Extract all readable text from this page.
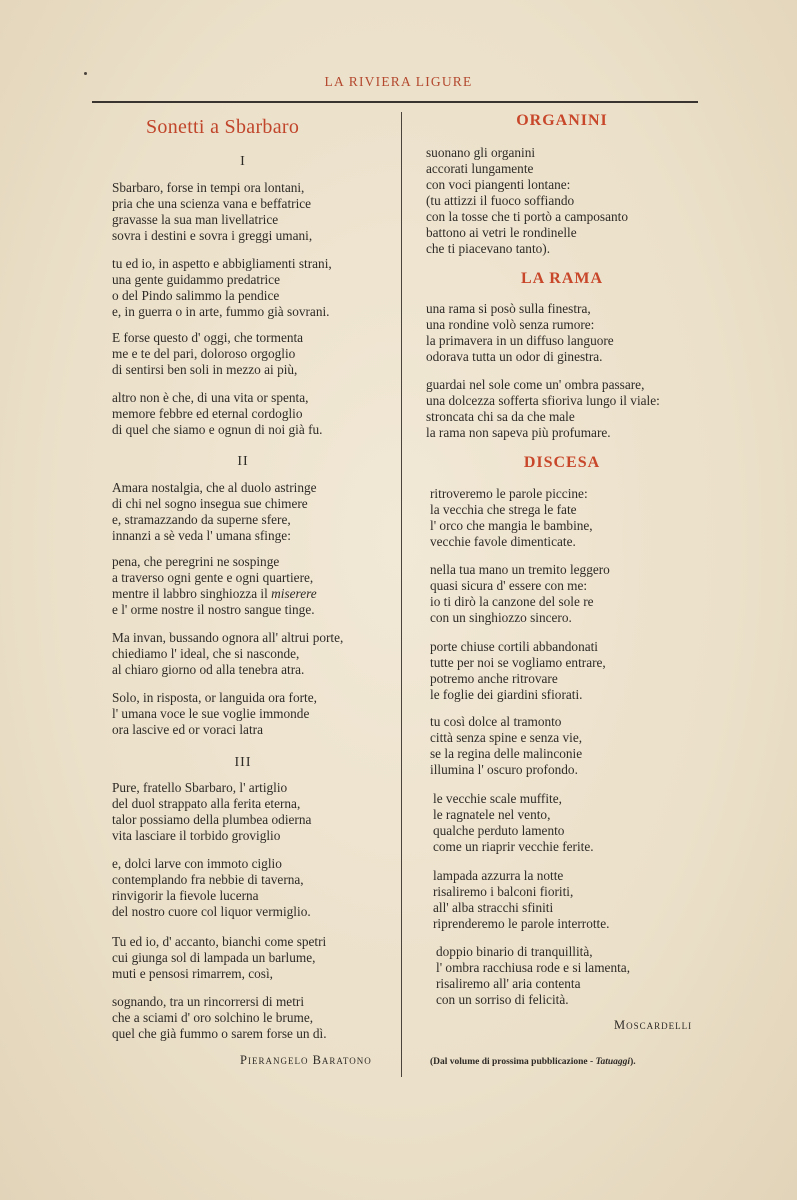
LA RIVIERA LIGURE
Sonetti a Sbarbaro
I
Sbarbaro, forse in tempi ora lontani,
pria che una scienza vana e beffatrice
gravasse la sua man livellatrice
sovra i destini e sovra i greggi umani,
tu ed io, in aspetto e abbigliamenti strani,
una gente guidammo predatrice
o del Pindo salimmo la pendice
e, in guerra o in arte, fummo già sovrani.
E forse questo d' oggi, che tormenta
me e te del pari, doloroso orgoglio
di sentirsi ben soli in mezzo ai più,
altro non è che, di una vita or spenta,
memore febbre ed eternal cordoglio
di quel che siamo e ognun di noi già fu.
II
Amara nostalgia, che al duolo astringe
di chi nel sogno insegua sue chimere
e, stramazzando da superne sfere,
innanzi a sè veda l' umana sfinge:
pena, che peregrini ne sospinge
a traverso ogni gente e ogni quartiere,
mentre il labbro singhiozza il miserere
e l' orme nostre il nostro sangue tinge.
Ma invan, bussando ognora all' altrui porte,
chiediamo l' ideal, che si nasconde,
al chiaro giorno od alla tenebra atra.
Solo, in risposta, or languida ora forte,
l' umana voce le sue voglie immonde
ora lascive ed or voraci latra
III
Pure, fratello Sbarbaro, l' artiglio
del duol strappato alla ferita eterna,
talor possiamo della plumbea odierna
vita lasciare il torbido groviglio
e, dolci larve con immoto ciglio
contemplando fra nebbie di taverna,
rinvigorir la fievole lucerna
del nostro cuore col liquor vermiglio.
Tu ed io, d' accanto, bianchi come spetri
cui giunga sol di lampada un barlume,
muti e pensosi rimarrem, così,
sognando, tra un rincorrersi di metri
che a sciami d' oro solchino le brume,
quel che già fummo o sarem forse un dì.
Pierangelo Baratono
ORGANINI
suonano gli organini
accorati lungamente
con voci piangenti lontane:
(tu attizzi il fuoco soffiando
con la tosse che ti portò a camposanto
battono ai vetri le rondinelle
che ti piacevano tanto).
LA RAMA
una rama si posò sulla finestra,
una rondine volò senza rumore:
la primavera in un diffuso languore
odorava tutta un odor di ginestra.
guardai nel sole come un' ombra passare,
una dolcezza sofferta sfioriva lungo il viale:
stroncata chi sa da che male
la rama non sapeva più profumare.
DISCESA
ritroveremo le parole piccine:
la vecchia che strega le fate
l' orco che mangia le bambine,
vecchie favole dimenticate.
nella tua mano un tremito leggero
quasi sicura d' essere con me:
io ti dirò la canzone del sole re
con un singhiozzo sincero.
porte chiuse cortili abbandonati
tutte per noi se vogliamo entrare,
potremo anche ritrovare
le foglie dei giardini sfiorati.
tu così dolce al tramonto
città senza spine e senza vie,
se la regina delle malinconie
illumina l' oscuro profondo.
le vecchie scale muffite,
le ragnatele nel vento,
qualche perduto lamento
come un riaprir vecchie ferite.
lampada azzurra la notte
risaliremo i balconi fioriti,
all' alba stracchi sfiniti
riprenderemo le parole interrotte.
doppio binario di tranquillità,
l' ombra racchiusa rode e si lamenta,
risaliremo all' aria contenta
con un sorriso di felicità.
Moscardelli
(Dal volume di prossima pubblicazione - Tatuaggi).
